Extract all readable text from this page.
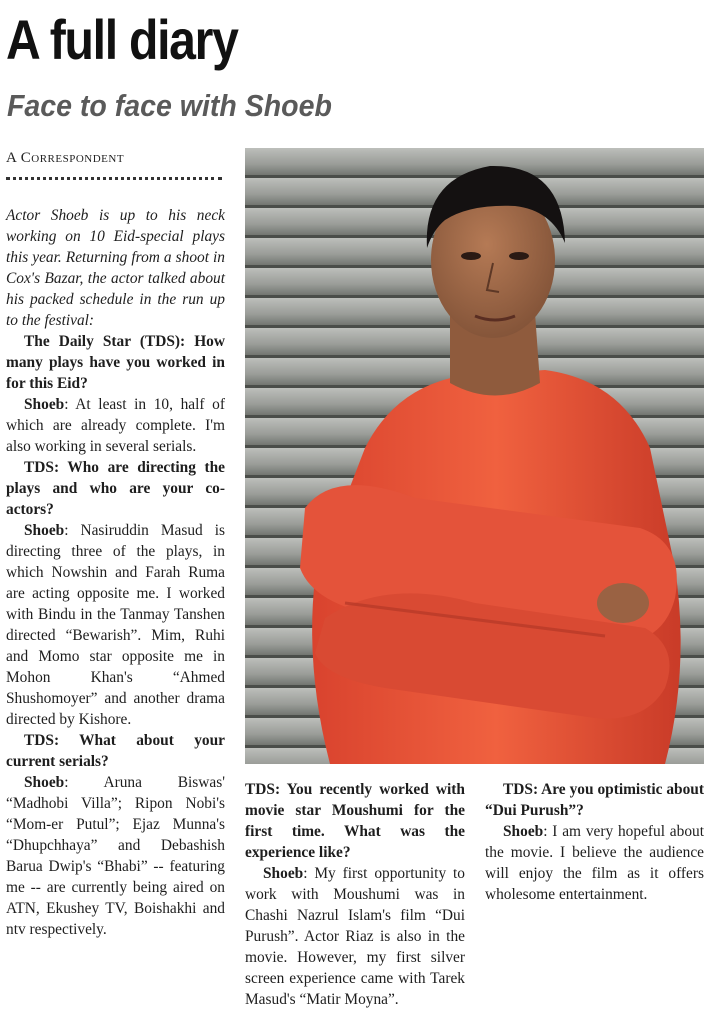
A full diary
Face to face with Shoeb
A Correspondent

Actor Shoeb is up to his neck working on 10 Eid-special plays this year. Returning from a shoot in Cox's Bazar, the actor talked about his packed schedule in the run up to the festival:

The Daily Star (TDS): How many plays have you worked in for this Eid?

Shoeb: At least in 10, half of which are already complete. I'm also working in several serials.

TDS: Who are directing the plays and who are your co-actors?

Shoeb: Nasiruddin Masud is directing three of the plays, in which Nowshin and Farah Ruma are acting opposite me. I worked with Bindu in the Tanmay Tanshen directed “Bewarish”. Mim, Ruhi and Momo star opposite me in Mohon Khan's “Ahmed Shushomoyer” and another drama directed by Kishore.

TDS: What about your current serials?

Shoeb: Aruna Biswas' “Madhobi Villa”; Ripon Nobi's “Mom-er Putul”; Ejaz Munna's “Dhupchhaya” and Debashish Barua Dwip's “Bhabi” -- featuring me -- are currently being aired on ATN, Ekushey TV, Boishakhi and ntv respectively.

TDS: You recently worked with movie star Moushumi for the first time. What was the experience like?

Shoeb: My first opportunity to work with Moushumi was in Chashi Nazrul Islam's film “Dui Purush”. Actor Riaz is also in the movie. However, my first silver screen experience came with Tarek Masud's “Matir Moyna”.

TDS: Are you optimistic about “Dui Purush”?

Shoeb: I am very hopeful about the movie. I believe the audience will enjoy the film as it offers wholesome entertainment.
